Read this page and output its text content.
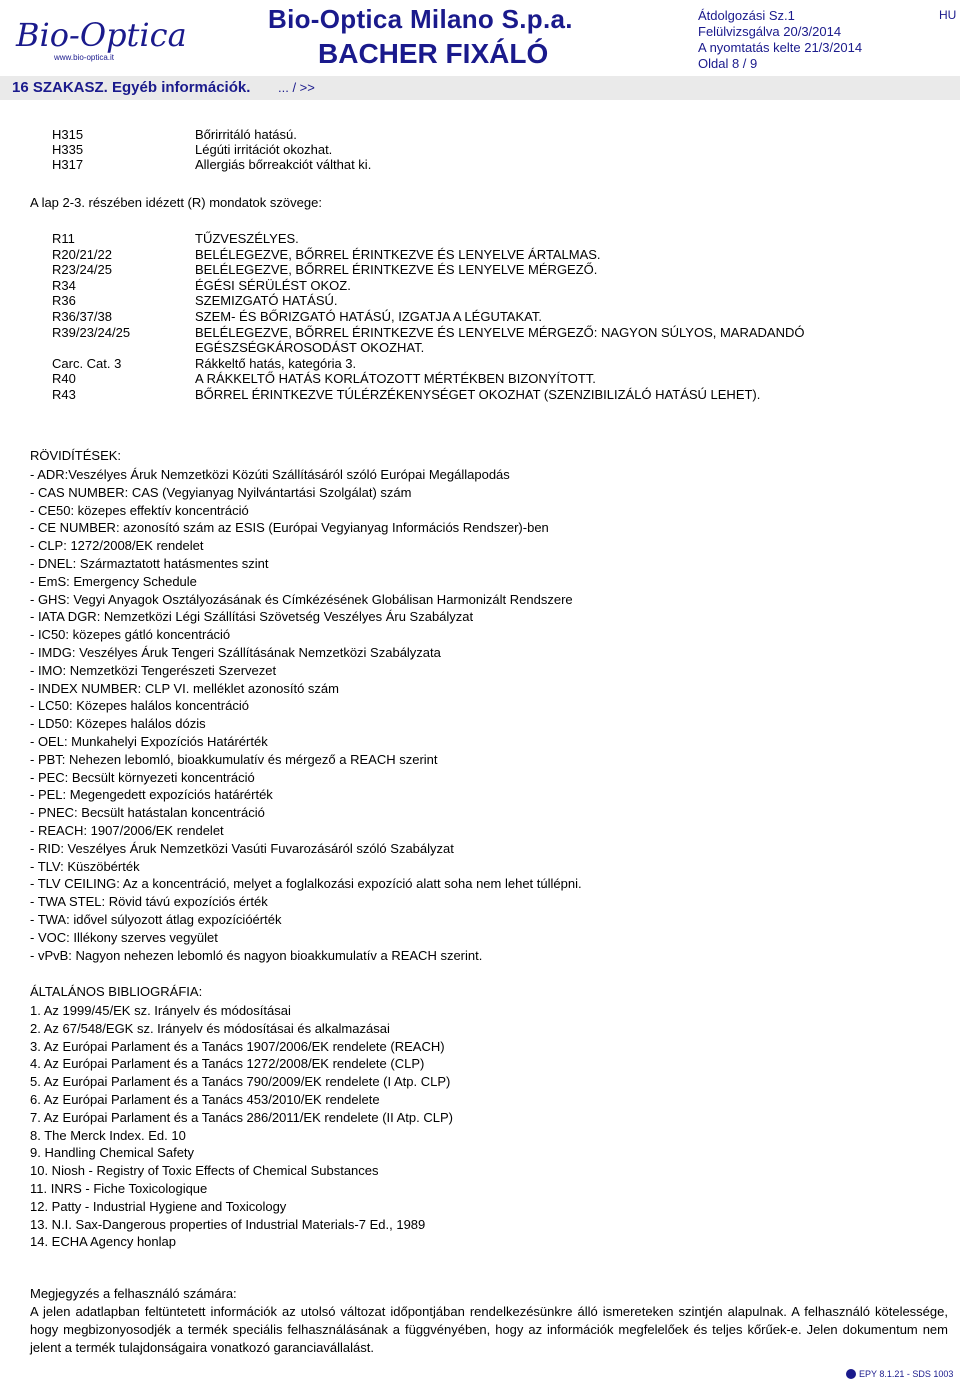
Bio-Optica
www.bio-optica.it
Bio-Optica Milano S.p.a.
BACHER FIXÁLÓ
Átdolgozási Sz.1
Felülvizsgálva 20/3/2014
A nyomtatás kelte 21/3/2014
Oldal 8 / 9
HU
16 SZAKASZ. Egyéb információk. ... / >>
H315	Bőrirritáló hatású.
H335	Légúti irritációt okozhat.
H317	Allergiás bőrreakciót válthat ki.
A lap 2-3. részében idézett (R) mondatok szövege:
R11	TŰZVESZÉLYES.
R20/21/22	BELÉLEGEZVE, BŐRREL ÉRINTKEZVE ÉS LENYELVE ÁRTALMAS.
R23/24/25	BELÉLEGEZVE, BŐRREL ÉRINTKEZVE ÉS LENYELVE MÉRGEZŐ.
R34	ÉGÉSI SÉRÜLÉST OKOZ.
R36	SZEMIZGATÓ HATÁSÚ.
R36/37/38	SZEM- ÉS BŐRIZGATÓ HATÁSÚ, IZGATJA A LÉGUTAKAT.
R39/23/24/25	BELÉLEGEZVE, BŐRREL ÉRINTKEZVE ÉS LENYELVE MÉRGEZŐ: NAGYON SÚLYOS, MARADANDÓ
EGÉSZSÉGKÁROSODÁST OKOZHAT.
Carc. Cat. 3	Rákkeltő hatás, kategória 3.
R40	A RÁKKELTŐ HATÁS KORLÁTOZOTT MÉRTÉKBEN BIZONYÍTOTT.
R43	BŐRREL ÉRINTKEZVE TÚLÉRZÉKENYSÉGET OKOZHAT (SZENZIBILIZÁLÓ HATÁSÚ LEHET).
RÖVIDÍTÉSEK:
- ADR:Veszélyes Áruk Nemzetközi Közúti Szállításáról szóló Európai Megállapodás
- CAS NUMBER: CAS (Vegyianyag Nyilvántartási Szolgálat) szám
- CE50: közepes effektív koncentráció
- CE NUMBER: azonosító szám az ESIS (Európai Vegyianyag Információs Rendszer)-ben
- CLP: 1272/2008/EK rendelet
- DNEL: Származtatott hatásmentes szint
- EmS: Emergency Schedule
- GHS: Vegyi Anyagok Osztályozásának és Címkézésének Globálisan Harmonizált Rendszere
- IATA DGR: Nemzetközi Légi Szállítási Szövetség Veszélyes Áru Szabályzat
- IC50: közepes gátló koncentráció
- IMDG: Veszélyes Áruk Tengeri Szállításának Nemzetközi Szabályzata
- IMO: Nemzetközi Tengerészeti Szervezet
- INDEX NUMBER: CLP VI. melléklet azonosító szám
- LC50: Közepes halálos koncentráció
- LD50: Közepes halálos dózis
- OEL: Munkahelyi Expozíciós Határérték
- PBT: Nehezen lebomló, bioakkumulatív és mérgező a REACH szerint
- PEC: Becsült környezeti koncentráció
- PEL: Megengedett expozíciós határérték
- PNEC: Becsült hatástalan koncentráció
- REACH: 1907/2006/EK rendelet
- RID: Veszélyes Áruk Nemzetközi Vasúti Fuvarozásáról szóló Szabályzat
- TLV: Küszöbérték
- TLV CEILING: Az a koncentráció, melyet a foglalkozási expozíció alatt soha nem lehet túllépni.
- TWA STEL: Rövid távú expozíciós érték
- TWA: idővel súlyozott átlag expozícióérték
- VOC: Illékony szerves vegyület
- vPvB: Nagyon nehezen lebomló és nagyon bioakkumulatív a REACH szerint.
ÁLTALÁNOS BIBLIOGRÁFIA:
1. Az 1999/45/EK sz. Irányelv és módosításai
2. Az 67/548/EGK sz. Irányelv és módosításai és alkalmazásai
3. Az Európai Parlament és a Tanács 1907/2006/EK rendelete (REACH)
4. Az Európai Parlament és a Tanács 1272/2008/EK rendelete (CLP)
5. Az Európai Parlament és a Tanács 790/2009/EK rendelete (I Atp. CLP)
6. Az Európai Parlament és a Tanács 453/2010/EK rendelete
7. Az Európai Parlament és a Tanács 286/2011/EK rendelete (II Atp. CLP)
8. The Merck Index. Ed. 10
9. Handling Chemical Safety
10. Niosh - Registry of Toxic Effects of Chemical Substances
11. INRS - Fiche Toxicologique
12. Patty - Industrial Hygiene and Toxicology
13. N.I. Sax-Dangerous properties of Industrial Materials-7 Ed., 1989
14. ECHA Agency honlap
Megjegyzés a felhasználó számára:
A jelen adatlapban feltüntetett információk az utolsó változat időpontjában rendelkezésünkre álló ismereteken szintjén alapulnak. A felhasználó kötelessége, hogy megbizonyosodjék a termék speciális felhasználásának a függvényében, hogy az információk megfelelőek és teljes kőrűek-e. Jelen dokumentum nem jelent a termék tulajdonságaira vonatkozó garanciavállalást.
EPY 8.1.21 - SDS 1003
